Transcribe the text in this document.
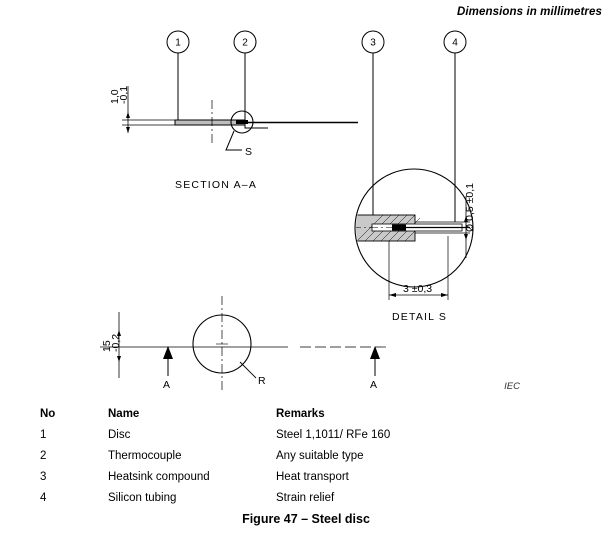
Dimensions in millimetres
1	2	3	4
S
1,0
-0,1
SECTION A–A	Ø 0,5 ±0,1
3 ±0,3
DETAIL S
R
15
-0,2
A	A	IEC
No	Name	Remarks
1	Disc	Steel 1,1011/ RFe 160
2	Thermocouple	Any suitable type
3	Heatsink compound	Heat transport
4	Silicon tubing	Strain relief
Figure 47 – Steel disc
